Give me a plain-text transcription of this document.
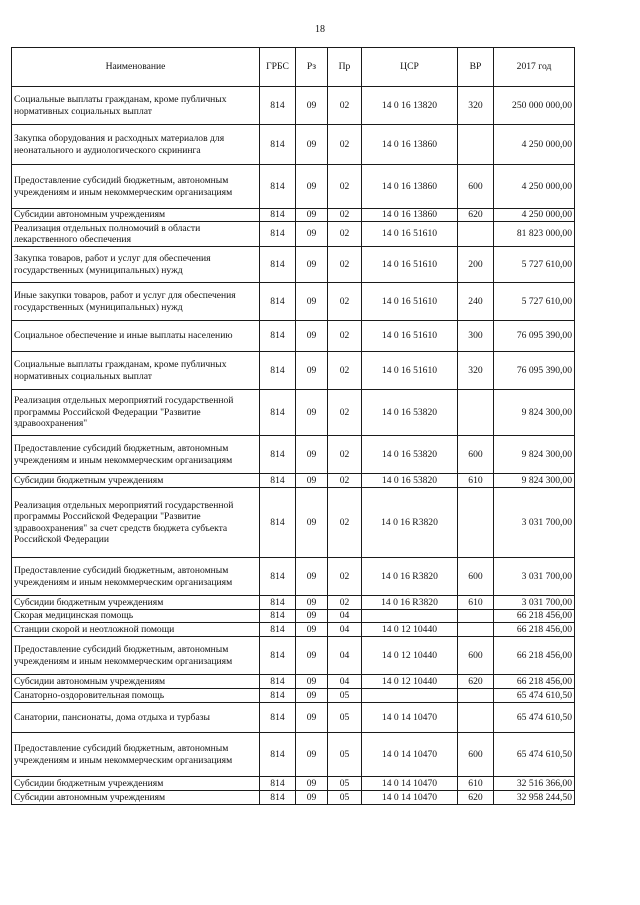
18
Наименование	ГРБС	Рз	Пр	ЦСР	ВР	2017 год
Социальные выплаты гражданам, кроме публичных нормативных социальных выплат	814	09	02	14 0 16 13820	320	250 000 000,00
Закупка оборудования и расходных материалов для неонатального и аудиологического скрининга	814	09	02	14 0 16 13860		4 250 000,00
Предоставление субсидий бюджетным, автономным учреждениям и иным некоммерческим организациям	814	09	02	14 0 16 13860	600	4 250 000,00
Субсидии автономным учреждениям	814	09	02	14 0 16 13860	620	4 250 000,00
Реализация отдельных полномочий в области лекарственного обеспечения	814	09	02	14 0 16 51610		81 823 000,00
Закупка товаров, работ и услуг для обеспечения государственных (муниципальных) нужд	814	09	02	14 0 16 51610	200	5 727 610,00
Иные закупки товаров, работ и услуг для обеспечения государственных (муниципальных) нужд	814	09	02	14 0 16 51610	240	5 727 610,00
Социальное обеспечение и иные выплаты населению	814	09	02	14 0 16 51610	300	76 095 390,00
Социальные выплаты гражданам, кроме публичных нормативных социальных выплат	814	09	02	14 0 16 51610	320	76 095 390,00
Реализация отдельных мероприятий государственной программы Российской Федерации "Развитие здравоохранения"	814	09	02	14 0 16 53820		9 824 300,00
Предоставление субсидий бюджетным, автономным учреждениям и иным некоммерческим организациям	814	09	02	14 0 16 53820	600	9 824 300,00
Субсидии бюджетным учреждениям	814	09	02	14 0 16 53820	610	9 824 300,00
Реализация отдельных мероприятий государственной программы Российской Федерации "Развитие здравоохранения" за счет средств бюджета субъекта Российской Федерации	814	09	02	14 0 16 R3820		3 031 700,00
Предоставление субсидий бюджетным, автономным учреждениям и иным некоммерческим организациям	814	09	02	14 0 16 R3820	600	3 031 700,00
Субсидии бюджетным учреждениям	814	09	02	14 0 16 R3820	610	3 031 700,00
Скорая медицинская помощь	814	09	04			66 218 456,00
Станции скорой и неотложной помощи	814	09	04	14 0 12 10440		66 218 456,00
Предоставление субсидий бюджетным, автономным учреждениям и иным некоммерческим организациям	814	09	04	14 0 12 10440	600	66 218 456,00
Субсидии автономным учреждениям	814	09	04	14 0 12 10440	620	66 218 456,00
Санаторно-оздоровительная помощь	814	09	05			65 474 610,50
Санатории, пансионаты, дома отдыха и турбазы	814	09	05	14 0 14 10470		65 474 610,50
Предоставление субсидий бюджетным, автономным учреждениям и иным некоммерческим организациям	814	09	05	14 0 14 10470	600	65 474 610,50
Субсидии бюджетным учреждениям	814	09	05	14 0 14 10470	610	32 516 366,00
Субсидии автономным учреждениям	814	09	05	14 0 14 10470	620	32 958 244,50
